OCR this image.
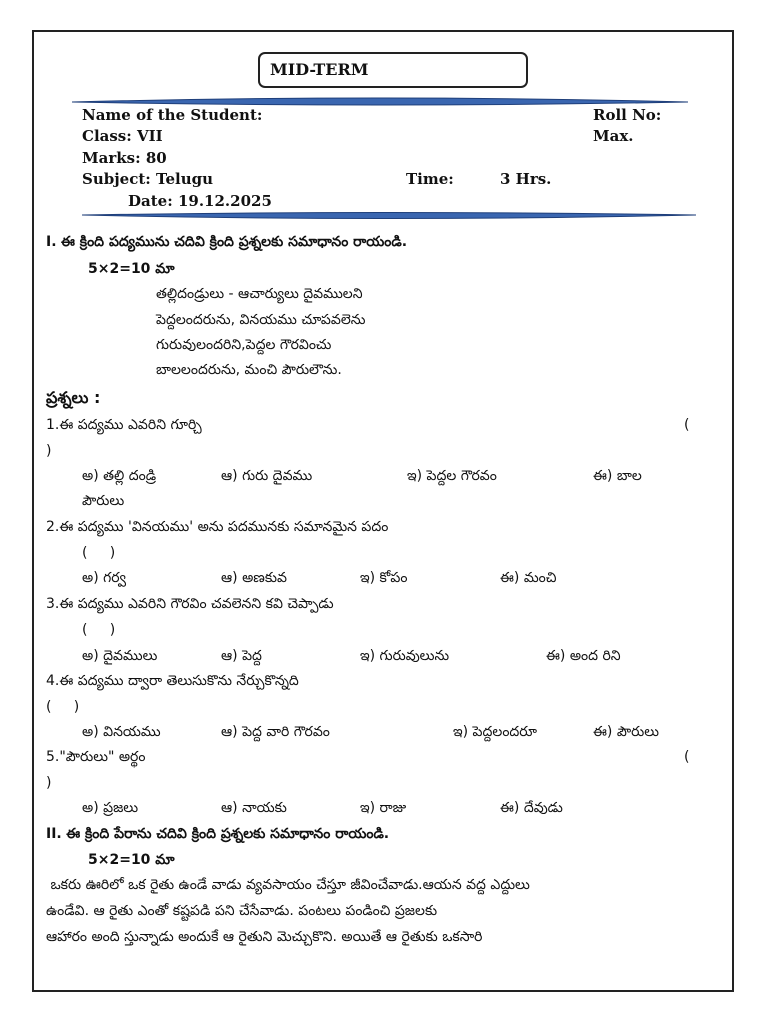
MID-TERM
Name of the Student:	Roll No:
Class: VII	Max.
Marks: 80
Subject: Telugu	Time:	3 Hrs.
Date: 19.12.2025
I. ఈ క్రింది పద్యమును చదివి క్రింది ప్రశ్నలకు సమాధానం రాయండి.
5×2=10 మా
తల్లిదండ్రులు - ఆచార్యులు దైవములని
పెద్దలందరును, వినయము చూపవలెను
గురువులందరిని,పెద్దల గౌరవించు
బాలలందరును, మంచి పౌరులౌను.
ప్రశ్నలు :
1.ఈ పద్యము ఎవరిని గూర్చి	(
)
అ) తల్లి దండ్రి	ఆ) గురు దైవము	ఇ) పెద్దల గౌరవం	ఈ) బాల
పౌరులు
2.ఈ పద్యము 'వినయము' అను పదమునకు సమానమైన పదం
(     )
అ) గర్వ	ఆ) అణకువ	ఇ) కోపం	ఈ) మంచి
3.ఈ పద్యము ఎవరిని గౌరవిం చవలెనని కవి చెప్పాడు
(     )
అ) దైవములు	ఆ) పెద్ద	ఇ) గురువులును	ఈ) అంద రిని
4.ఈ పద్యము ద్వారా తెలుసుకొను నేర్చుకొన్నది
(     )
అ) వినయము	ఆ) పెద్ద వారి గౌరవం	ఇ) పెద్దలందరూ	ఈ) పౌరులు
5."పౌరులు" అర్థం	(
)
అ) ప్రజలు	ఆ) నాయకు	ఇ) రాజు	ఈ) దేవుడు
II. ఈ క్రింది పేరాను చదివి క్రింది ప్రశ్నలకు సమాధానం రాయండి.
5×2=10 మా
ఒకరు ఊరిలో ఒక రైతు ఉండే వాడు వ్యవసాయం చేస్తూ జీవించేవాడు.ఆయన వద్ద ఎద్దులు
ఉండేవి. ఆ రైతు ఎంతో కష్టపడి పని చేసేవాడు. పంటలు పండించి ప్రజలకు
ఆహారం అంది స్తున్నాడు అందుకే ఆ రైతుని మెచ్చుకొని. అయితే ఆ రైతుకు ఒకసారి
